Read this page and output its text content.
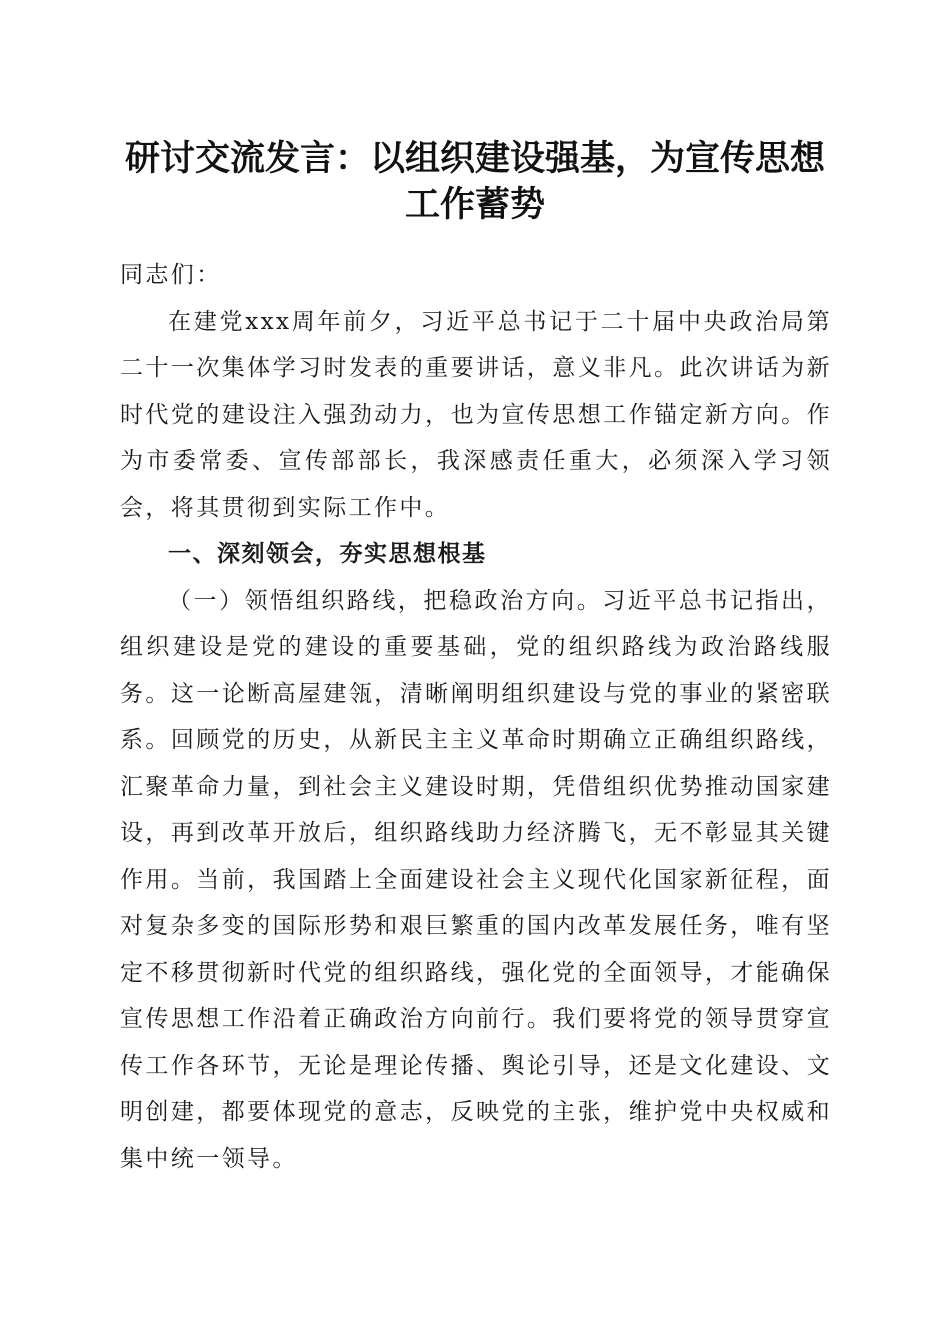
研讨交流发言：以组织建设强基，为宣传思想
工作蓄势

同志们：

在建党xxx周年前夕，习近平总书记于二十届中央政治局第二十一次集体学习时发表的重要讲话，意义非凡。此次讲话为新时代党的建设注入强劲动力，也为宣传思想工作锚定新方向。作为市委常委、宣传部部长，我深感责任重大，必须深入学习领会，将其贯彻到实际工作中。

一、深刻领会，夯实思想根基

（一）领悟组织路线，把稳政治方向。习近平总书记指出，组织建设是党的建设的重要基础，党的组织路线为政治路线服务。这一论断高屋建瓴，清晰阐明组织建设与党的事业的紧密联系。回顾党的历史，从新民主主义革命时期确立正确组织路线，汇聚革命力量，到社会主义建设时期，凭借组织优势推动国家建设，再到改革开放后，组织路线助力经济腾飞，无不彰显其关键作用。当前，我国踏上全面建设社会主义现代化国家新征程，面对复杂多变的国际形势和艰巨繁重的国内改革发展任务，唯有坚定不移贯彻新时代党的组织路线，强化党的全面领导，才能确保宣传思想工作沿着正确政治方向前行。我们要将党的领导贯穿宣传工作各环节，无论是理论传播、舆论引导，还是文化建设、文明创建，都要体现党的意志，反映党的主张，维护党中央权威和集中统一领导。
